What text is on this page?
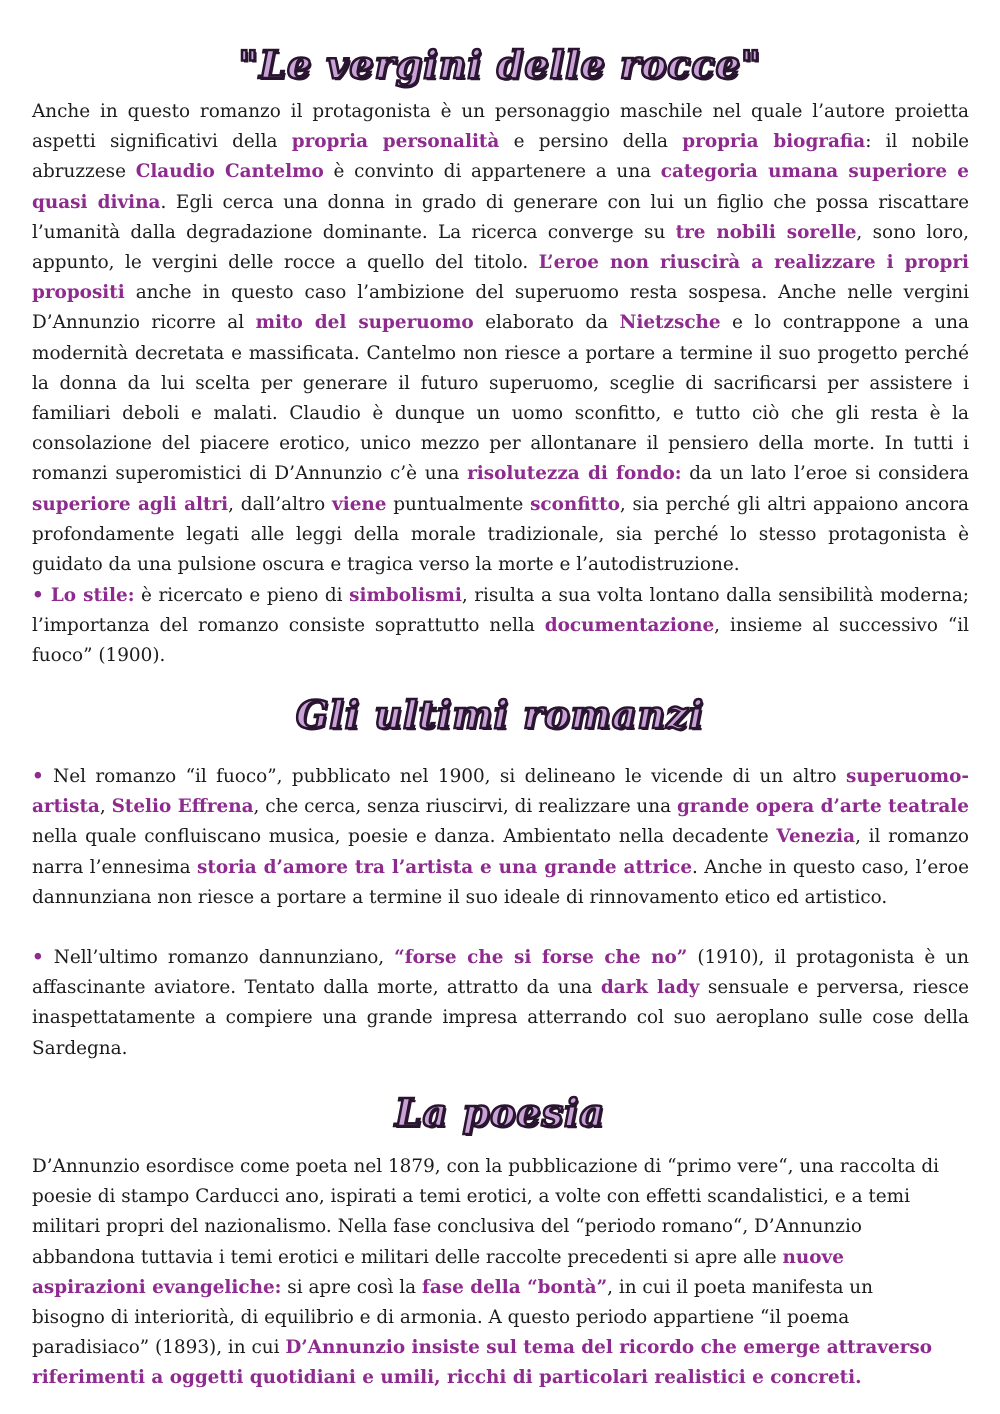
"Le vergini delle rocce"

Anche in questo romanzo il protagonista è un personaggio maschile nel quale l’autore proietta aspetti significativi della propria personalità e persino della propria biografia: il nobile abruzzese Claudio Cantelmo è convinto di appartenere a una categoria umana superiore e quasi divina. Egli cerca una donna in grado di generare con lui un figlio che possa riscattare l’umanità dalla degradazione dominante. La ricerca converge su tre nobili sorelle, sono loro, appunto, le vergini delle rocce a quello del titolo. L’eroe non riuscirà a realizzare i propri propositi anche in questo caso l’ambizione del superuomo resta sospesa. Anche nelle vergini D’Annunzio ricorre al mito del superuomo elaborato da Nietzsche e lo contrappone a una modernità decretata e massificata. Cantelmo non riesce a portare a termine il suo progetto perché la donna da lui scelta per generare il futuro superuomo, sceglie di sacrificarsi per assistere i familiari deboli e malati. Claudio è dunque un uomo sconfitto, e tutto ciò che gli resta è la consolazione del piacere erotico, unico mezzo per allontanare il pensiero della morte. In tutti i romanzi superomistici di D’Annunzio c’è una risolutezza di fondo: da un lato l’eroe si considera superiore agli altri, dall’altro viene puntualmente sconfitto, sia perché gli altri appaiono ancora profondamente legati alle leggi della morale tradizionale, sia perché lo stesso protagonista è guidato da una pulsione oscura e tragica verso la morte e l’autodistruzione.

• Lo stile: è ricercato e pieno di simbolismi, risulta a sua volta lontano dalla sensibilità moderna; l’importanza del romanzo consiste soprattutto nella documentazione, insieme al successivo “il fuoco” (1900).

Gli ultimi romanzi

• Nel romanzo “il fuoco”, pubblicato nel 1900, si delineano le vicende di un altro superuomo-artista, Stelio Effrena, che cerca, senza riuscirvi, di realizzare una grande opera d’arte teatrale nella quale confluiscano musica, poesie e danza. Ambientato nella decadente Venezia, il romanzo narra l’ennesima storia d’amore tra l’artista e una grande attrice. Anche in questo caso, l’eroe dannunziana non riesce a portare a termine il suo ideale di rinnovamento etico ed artistico.

• Nell’ultimo romanzo dannunziano, “forse che si forse che no” (1910), il protagonista è un affascinante aviatore. Tentato dalla morte, attratto da una dark lady sensuale e perversa, riesce inaspettatamente a compiere una grande impresa atterrando col suo aeroplano sulle cose della Sardegna.

La poesia

D’Annunzio esordisce come poeta nel 1879, con la pubblicazione di “primo vere“, una raccolta di poesie di stampo Carducci ano, ispirati a temi erotici, a volte con effetti scandalistici, e a temi militari propri del nazionalismo. Nella fase conclusiva del “periodo romano“, D’Annunzio abbandona tuttavia i temi erotici e militari delle raccolte precedenti si apre alle nuove aspirazioni evangeliche: si apre così la fase della “bontà”, in cui il poeta manifesta un bisogno di interiorità, di equilibrio e di armonia. A questo periodo appartiene “il poema paradisiaco” (1893), in cui D’Annunzio insiste sul tema del ricordo che emerge attraverso riferimenti a oggetti quotidiani e umili, ricchi di particolari realistici e concreti.
